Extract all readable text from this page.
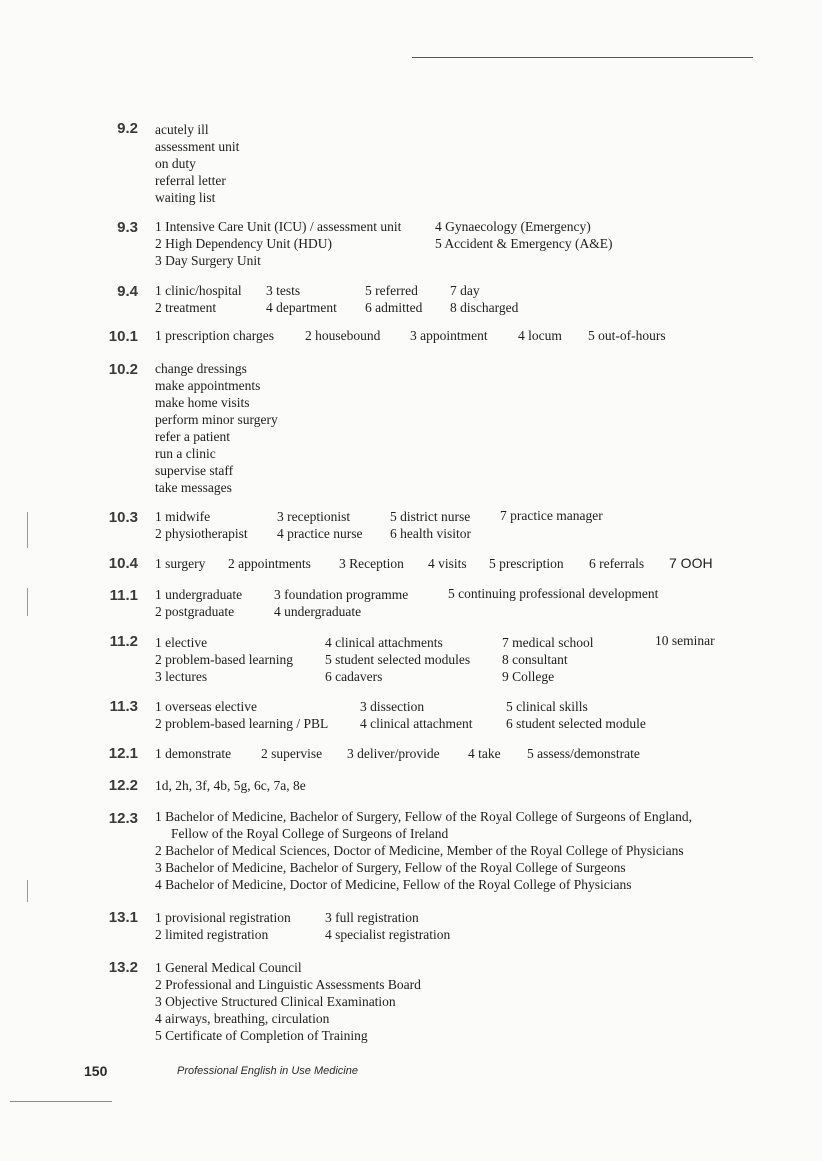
9.2 acutely ill
assessment unit
on duty
referral letter
waiting list
9.3 1 Intensive Care Unit (ICU) / assessment unit
2 High Dependency Unit (HDU)
3 Day Surgery Unit
4 Gynaecology (Emergency)
5 Accident & Emergency (A&E)
9.4 1 clinic/hospital
2 treatment
3 tests
4 department
5 referred
6 admitted
7 day
8 discharged
10.1 1 prescription charges 2 housebound 3 appointment 4 locum 5 out-of-hours
10.2 change dressings
make appointments
make home visits
perform minor surgery
refer a patient
run a clinic
supervise staff
take messages
10.3 1 midwife
2 physiotherapist
3 receptionist
4 practice nurse
5 district nurse
6 health visitor
7 practice manager
10.4 1 surgery 2 appointments 3 Reception 4 visits 5 prescription 6 referrals 7 OOH
11.1 1 undergraduate
2 postgraduate
3 foundation programme
4 undergraduate
5 continuing professional development
11.2 1 elective
2 problem-based learning
3 lectures
4 clinical attachments
5 student selected modules
6 cadavers
7 medical school
8 consultant
9 College
10 seminar
11.3 1 overseas elective
2 problem-based learning / PBL
3 dissection
4 clinical attachment
5 clinical skills
6 student selected module
12.1 1 demonstrate 2 supervise 3 deliver/provide 4 take 5 assess/demonstrate
12.2 1d, 2h, 3f, 4b, 5g, 6c, 7a, 8e
12.3 1 Bachelor of Medicine, Bachelor of Surgery, Fellow of the Royal College of Surgeons of England,
Fellow of the Royal College of Surgeons of Ireland
2 Bachelor of Medical Sciences, Doctor of Medicine, Member of the Royal College of Physicians
3 Bachelor of Medicine, Bachelor of Surgery, Fellow of the Royal College of Surgeons
4 Bachelor of Medicine, Doctor of Medicine, Fellow of the Royal College of Physicians
13.1 1 provisional registration
2 limited registration
3 full registration
4 specialist registration
13.2 1 General Medical Council
2 Professional and Linguistic Assessments Board
3 Objective Structured Clinical Examination
4 airways, breathing, circulation
5 Certificate of Completion of Training
150	Professional English in Use Medicine
